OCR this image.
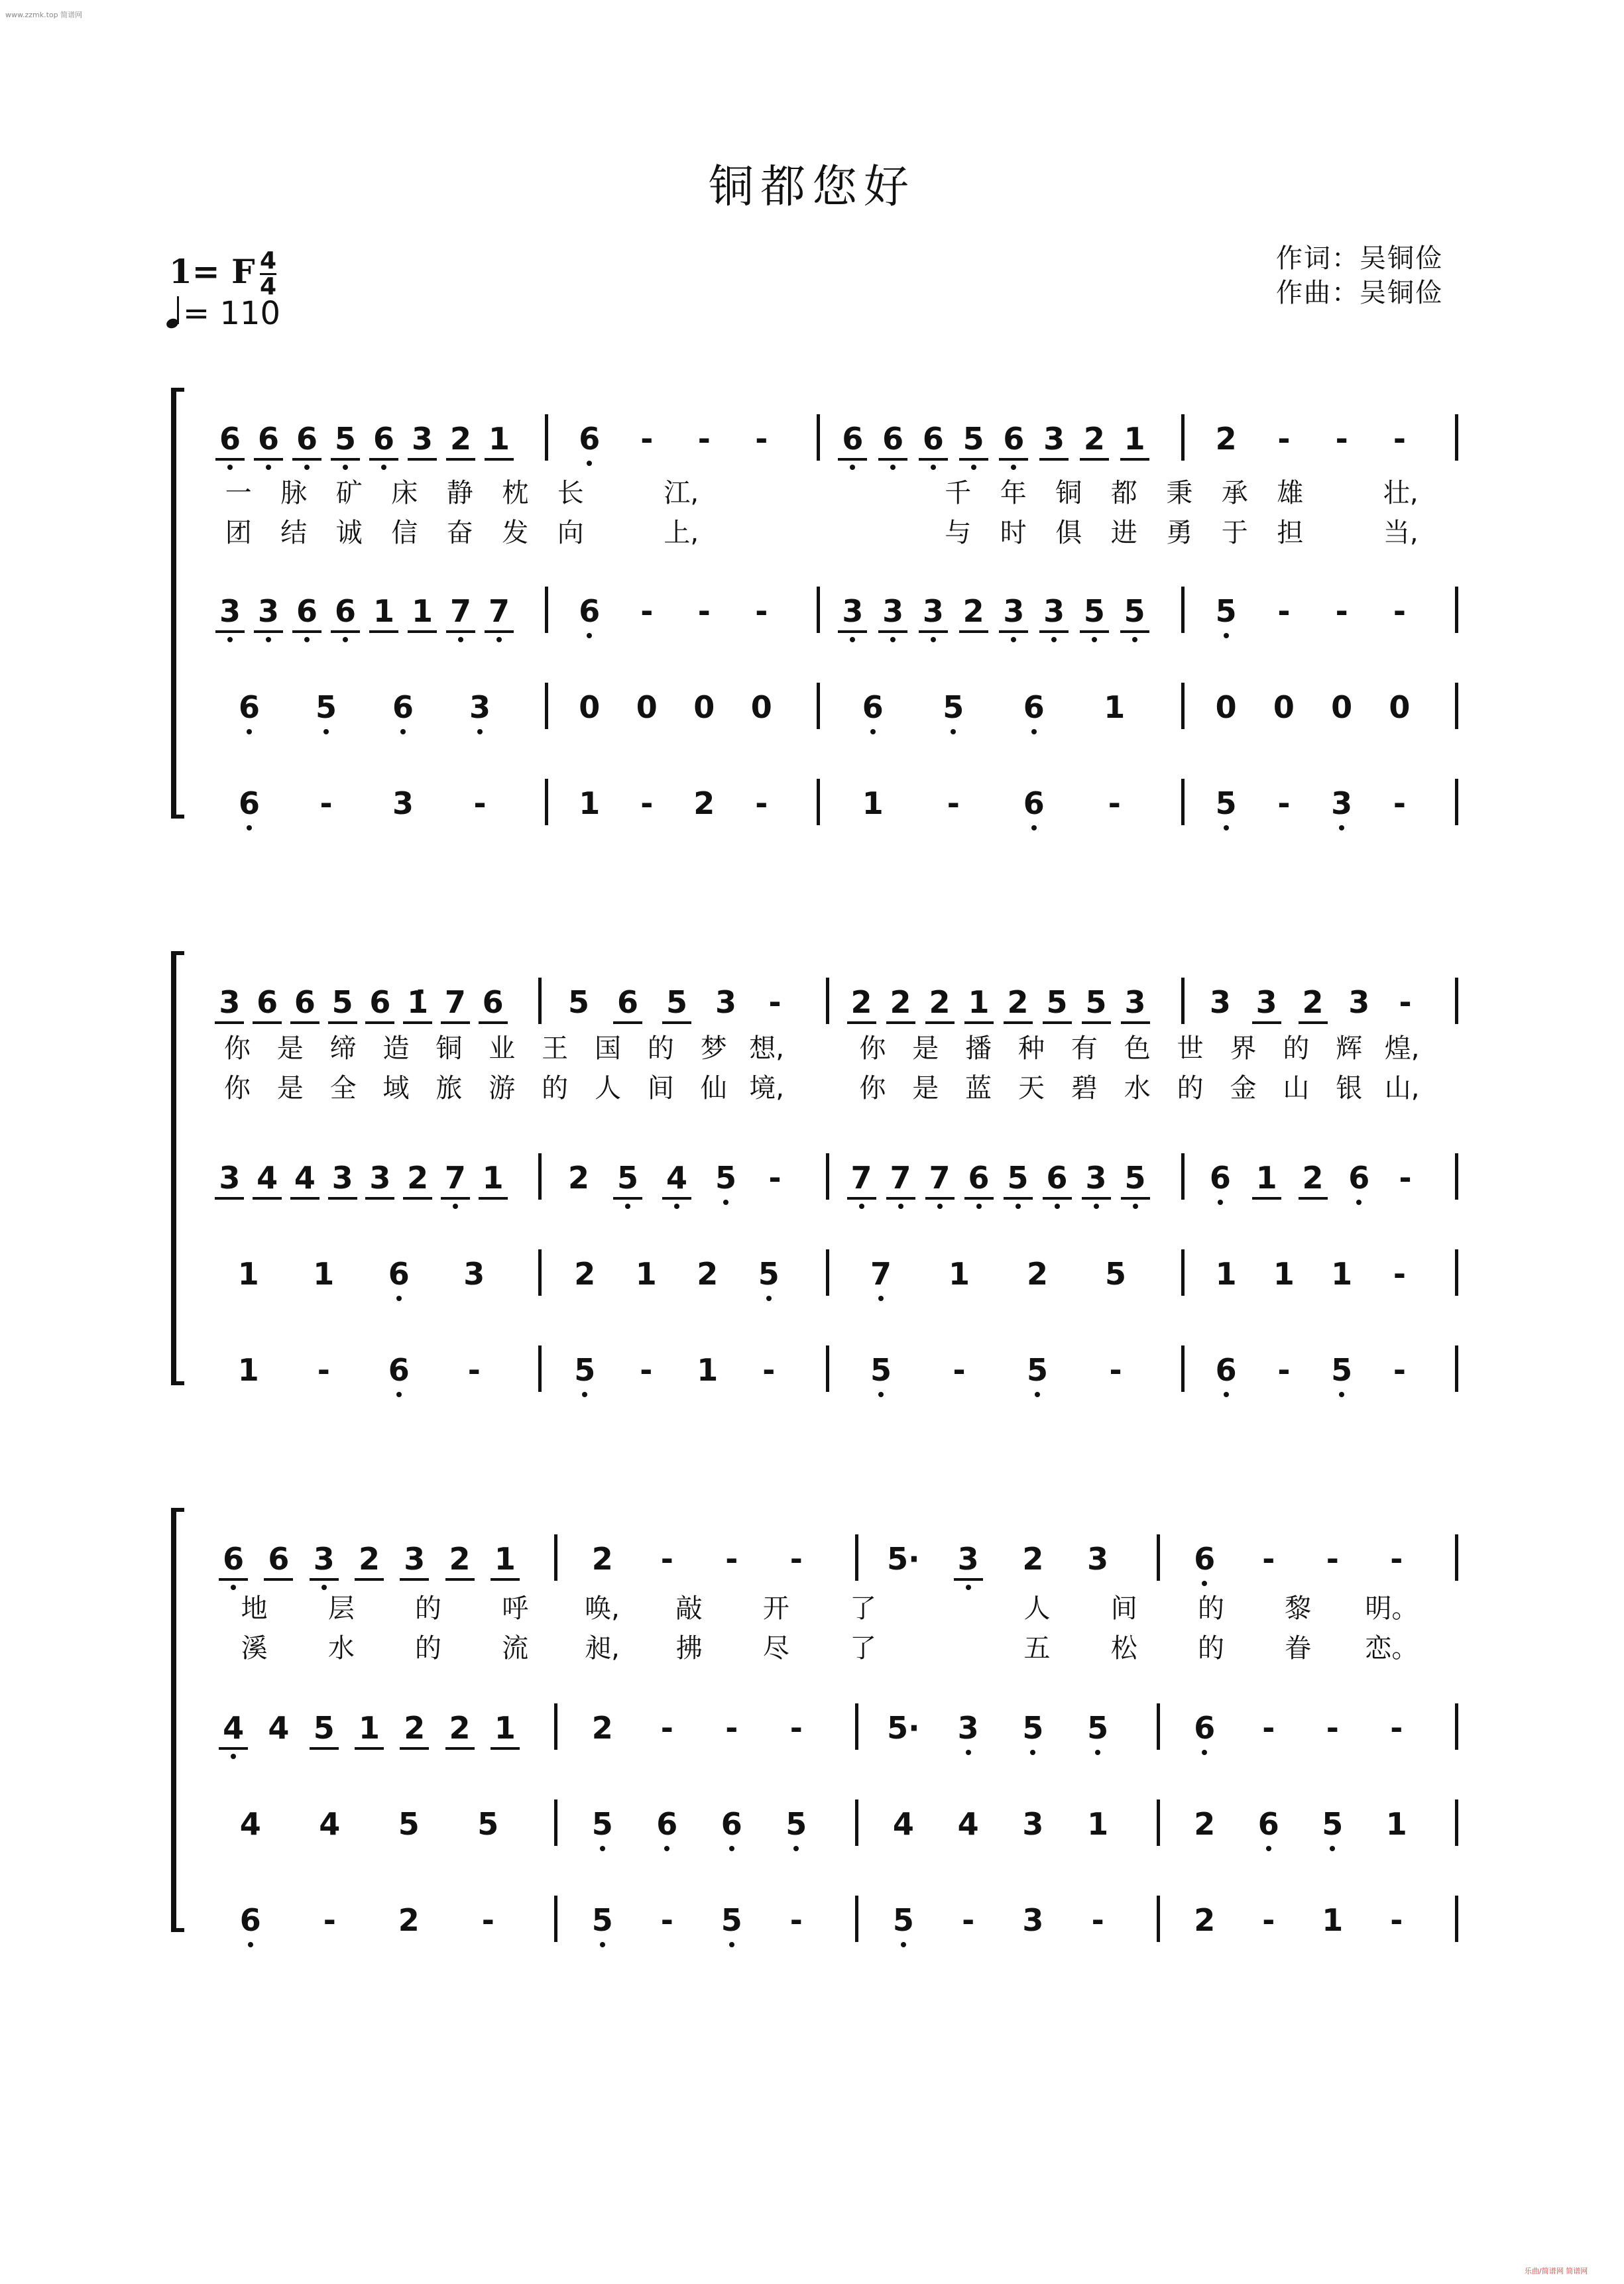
www.zzmk.top 简谱网
铜都您好
作词：吴铜俭
作曲：吴铜俭
1= F $\frac{4}{4}$
= 110
6 6 6 5 6 3 2 1 6	-	-	-	6 6 6 5 6 3 2 1 2	-	-	-
3 3 6 6 1 1 7 7 6	-	-	-	3 3 3 2 3 3 5 5 5	-	-	-
6 5 6 3	0 0 0 0	6 5 6 1	0 0 0 0
6	-	3	-	1	-	2	-	1	-	6	-	5	-	3	-
一 脉 矿 床 静 枕 长	江,	千 年 铜 都 秉 承 雄	壮,
团 结 诚 信 奋 发 向	上,	与 时 俱 进 勇 于 担	当,
3 6 6 5 6 1̇ 7 6 5 6 5 3	-	2 2 2 1 2 5 5 3 3 3 2 3 -
3 4 4 3 3 2 7 1 2 5 4 5	-	7 7 7 6 5 6 3 5 6 1 2 6 -
1 1 6 3	2 1 2 5	7 1 2 5	1 1 1	-
1	-	6	-	5	-	1	-	5	-	5	-	6	-	5	-
你 是 缔 造 铜 业 王 国 的 梦 想,	你 是 播 种 有 色 世 界 的 辉 煌,
你 是 全 域 旅 游 的 人 间 仙 境,	你 是 蓝 天 碧 水 的 金 山 银 山,
6 6 3 2 3 2 1 2	-	-	-	5· 3 2 3	6	-	-	-
4 4 5 1 2 2 1 2	-	-	-	5· 3 5 5	6	-	-	-
4 4 5 5	5 6 6 5	4 4 3 1	2 6 5 1
6	-	2	-	5	-	5	-	5	-	3	-	2	-	1	-
地 层 的 呼 唤, 敲 开 了	人 间 的 黎 明。
溪 水 的 流 昶, 拂 尽 了	五 松 的 眷 恋。
乐曲/简谱网 简谱网
